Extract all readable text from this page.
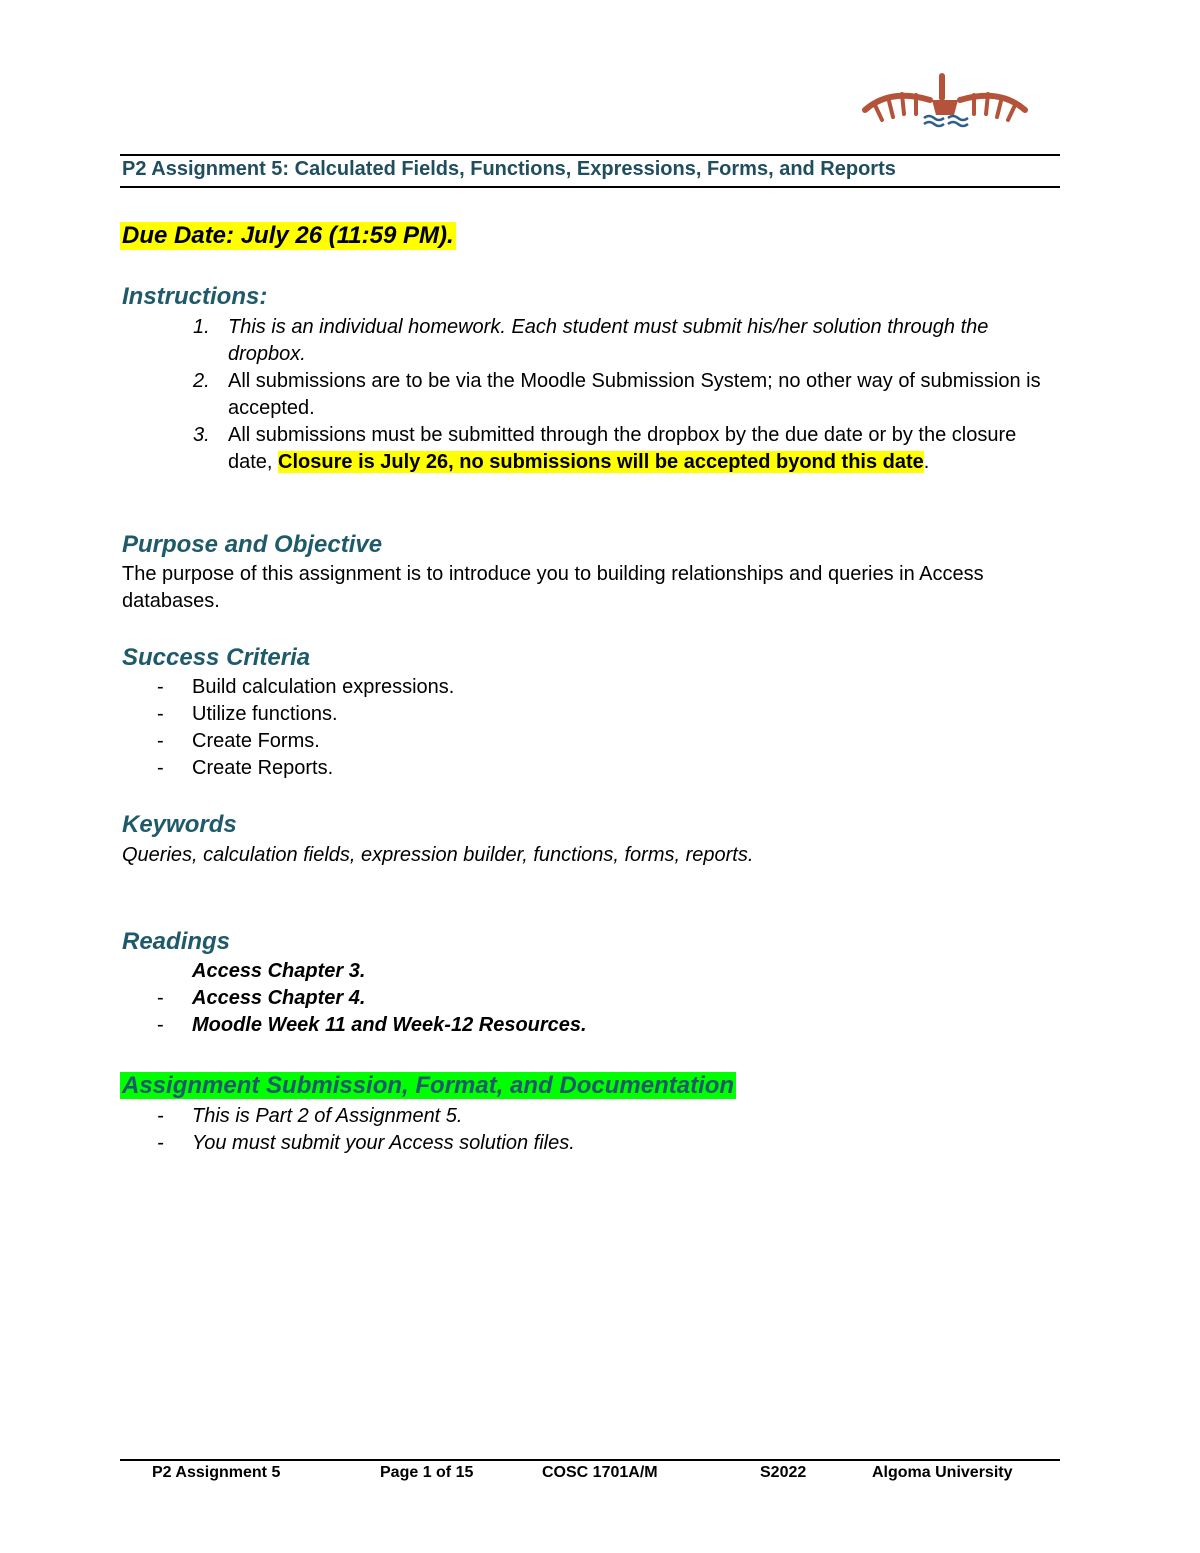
P2 Assignment 5: Calculated Fields, Functions, Expressions, Forms, and Reports
Due Date: July 26 (11:59 PM).
Instructions:
1. This is an individual homework. Each student must submit his/her solution through the dropbox.
2. All submissions are to be via the Moodle Submission System; no other way of submission is accepted.
3. All submissions must be submitted through the dropbox by the due date or by the closure date, Closure is July 26, no submissions will be accepted byond this date.
Purpose and Objective
The purpose of this assignment is to introduce you to building relationships and queries in Access databases.
Success Criteria
- Build calculation expressions.
- Utilize functions.
- Create Forms.
- Create Reports.
Keywords
Queries, calculation fields, expression builder, functions, forms, reports.
Readings
Access Chapter 3.
- Access Chapter 4.
- Moodle Week 11 and Week-12 Resources.
Assignment Submission, Format, and Documentation
- This is Part 2 of Assignment 5.
- You must submit your Access solution files.
P2 Assignment 5	Page 1 of 15	COSC 1701A/M	S2022	Algoma University
